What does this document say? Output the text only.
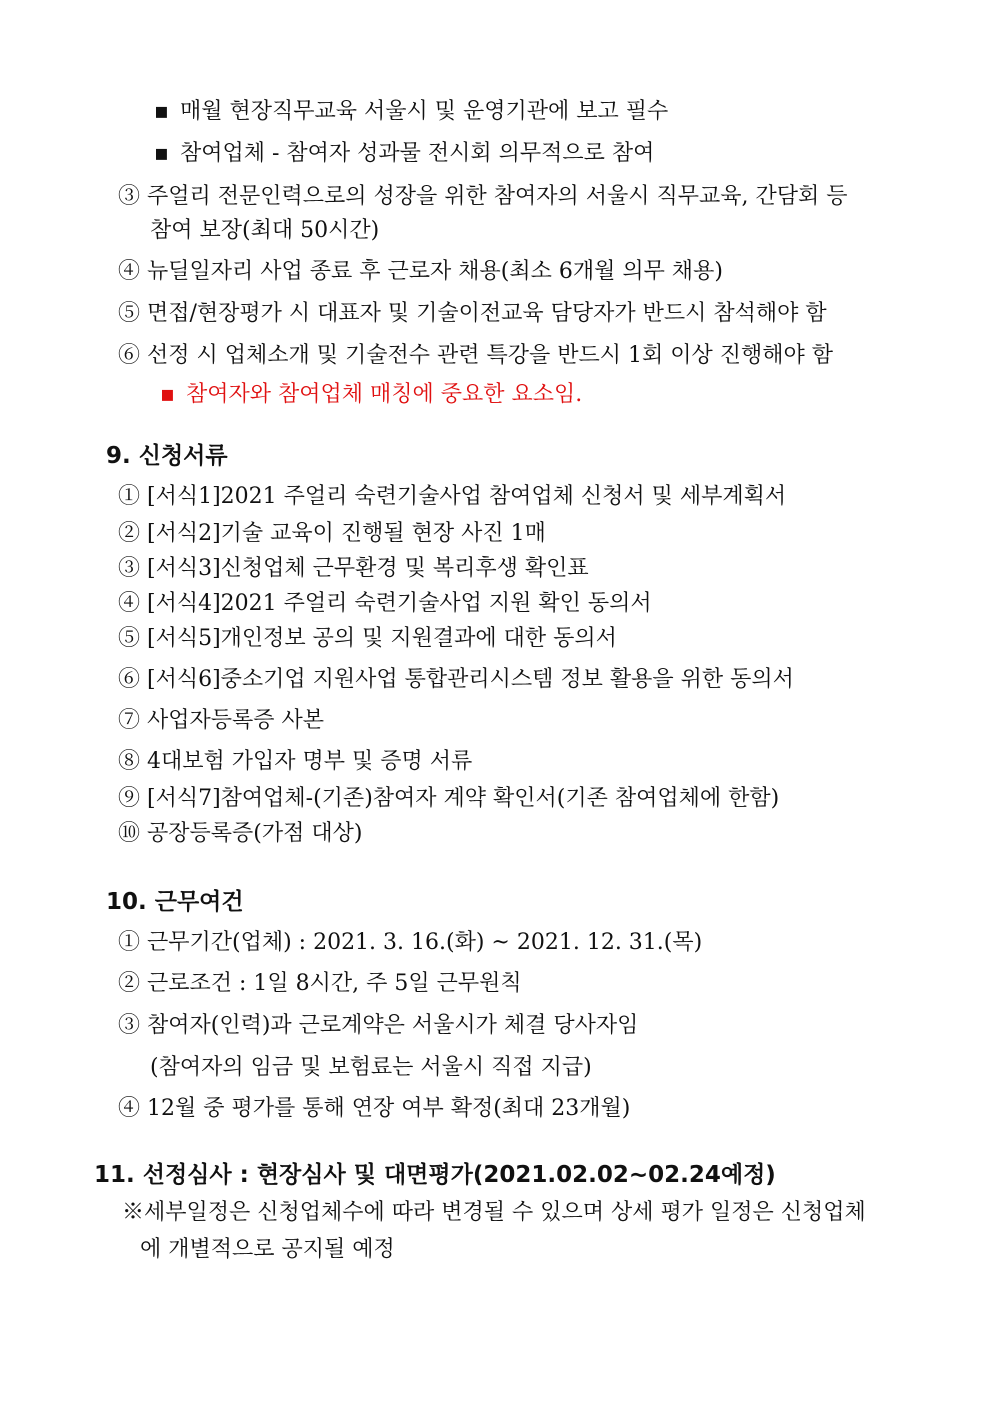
▪ 매월 현장직무교육 서울시 및 운영기관에 보고 필수
▪ 참여업체 - 참여자 성과물 전시회 의무적으로 참여
③ 주얼리 전문인력으로의 성장을 위한 참여자의 서울시 직무교육, 간담회 등
참여 보장(최대 50시간)
④ 뉴딜일자리 사업 종료 후 근로자 채용(최소 6개월 의무 채용)
⑤ 면접/현장평가 시 대표자 및 기술이전교육 담당자가 반드시 참석해야 함
⑥ 선정 시 업체소개 및 기술전수 관련 특강을 반드시 1회 이상 진행해야 함
▪ 참여자와 참여업체 매칭에 중요한 요소임.
9. 신청서류
① [서식1]2021 주얼리 숙련기술사업 참여업체 신청서 및 세부계획서
② [서식2]기술 교육이 진행될 현장 사진 1매
③ [서식3]신청업체 근무환경 및 복리후생 확인표
④ [서식4]2021 주얼리 숙련기술사업 지원 확인 동의서
⑤ [서식5]개인정보 공의 및 지원결과에 대한 동의서
⑥ [서식6]중소기업 지원사업 통합관리시스템 정보 활용을 위한 동의서
⑦ 사업자등록증 사본
⑧ 4대보험 가입자 명부 및 증명 서류
⑨ [서식7]참여업체-(기존)참여자 계약 확인서(기존 참여업체에 한함)
⑩ 공장등록증(가점 대상)
10. 근무여건
① 근무기간(업체) : 2021. 3. 16.(화) ~ 2021. 12. 31.(목)
② 근로조건 : 1일 8시간, 주 5일 근무원칙
③ 참여자(인력)과 근로계약은 서울시가 체결 당사자임
(참여자의 임금 및 보험료는 서울시 직접 지급)
④ 12월 중 평가를 통해 연장 여부 확정(최대 23개월)
11. 선정심사 : 현장심사 및 대면평가(2021.02.02~02.24예정)
※세부일정은 신청업체수에 따라 변경될 수 있으며 상세 평가 일정은 신청업체
에 개별적으로 공지될 예정
